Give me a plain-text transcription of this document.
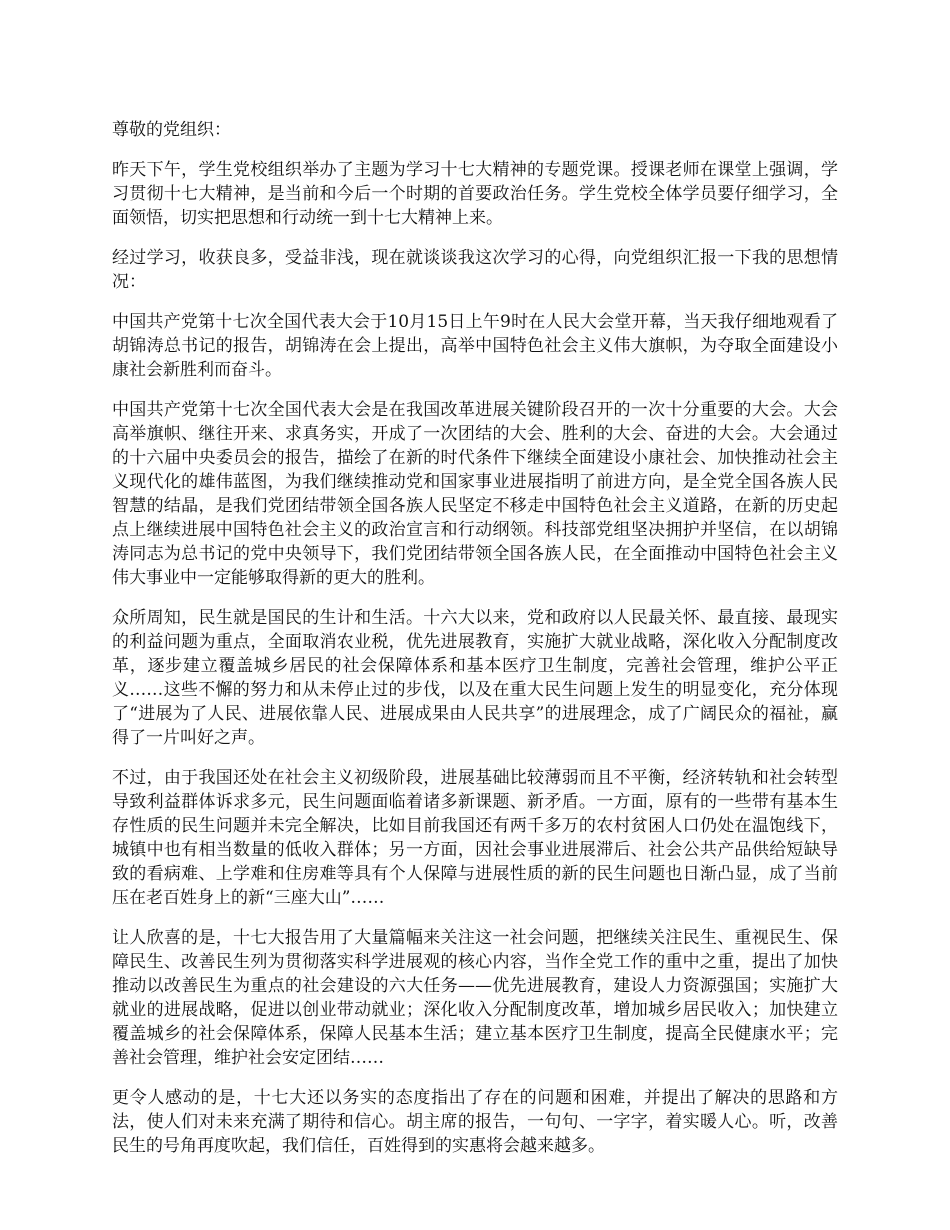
尊敬的党组织：

昨天下午，学生党校组织举办了主题为学习十七大精神的专题党课。授课老师在课堂上强调，学习贯彻十七大精神，是当前和今后一个时期的首要政治任务。学生党校全体学员要仔细学习，全面领悟，切实把思想和行动统一到十七大精神上来。

经过学习，收获良多，受益非浅，现在就谈谈我这次学习的心得，向党组织汇报一下我的思想情况：

中国共产党第十七次全国代表大会于10月15日上午9时在人民大会堂开幕，当天我仔细地观看了胡锦涛总书记的报告，胡锦涛在会上提出，高举中国特色社会主义伟大旗帜，为夺取全面建设小康社会新胜利而奋斗。

中国共产党第十七次全国代表大会是在我国改革进展关键阶段召开的一次十分重要的大会。大会高举旗帜、继往开来、求真务实，开成了一次团结的大会、胜利的大会、奋进的大会。大会通过的十六届中央委员会的报告，描绘了在新的时代条件下继续全面建设小康社会、加快推动社会主义现代化的雄伟蓝图，为我们继续推动党和国家事业进展指明了前进方向，是全党全国各族人民智慧的结晶，是我们党团结带领全国各族人民坚定不移走中国特色社会主义道路，在新的历史起点上继续进展中国特色社会主义的政治宣言和行动纲领。科技部党组坚决拥护并坚信，在以胡锦涛同志为总书记的党中央领导下，我们党团结带领全国各族人民，在全面推动中国特色社会主义伟大事业中一定能够取得新的更大的胜利。

众所周知，民生就是国民的生计和生活。十六大以来，党和政府以人民最关怀、最直接、最现实的利益问题为重点，全面取消农业税，优先进展教育，实施扩大就业战略，深化收入分配制度改革，逐步建立覆盖城乡居民的社会保障体系和基本医疗卫生制度，完善社会管理，维护公平正义……这些不懈的努力和从未停止过的步伐，以及在重大民生问题上发生的明显变化，充分体现了“进展为了人民、进展依靠人民、进展成果由人民共享”的进展理念，成了广阔民众的福祉，赢得了一片叫好之声。

不过，由于我国还处在社会主义初级阶段，进展基础比较薄弱而且不平衡，经济转轨和社会转型导致利益群体诉求多元，民生问题面临着诸多新课题、新矛盾。一方面，原有的一些带有基本生存性质的民生问题并未完全解决，比如目前我国还有两千多万的农村贫困人口仍处在温饱线下，城镇中也有相当数量的低收入群体；另一方面，因社会事业进展滞后、社会公共产品供给短缺导致的看病难、上学难和住房难等具有个人保障与进展性质的新的民生问题也日渐凸显，成了当前压在老百姓身上的新“三座大山”……

让人欣喜的是，十七大报告用了大量篇幅来关注这一社会问题，把继续关注民生、重视民生、保障民生、改善民生列为贯彻落实科学进展观的核心内容，当作全党工作的重中之重，提出了加快推动以改善民生为重点的社会建设的六大任务——优先进展教育，建设人力资源强国；实施扩大就业的进展战略，促进以创业带动就业；深化收入分配制度改革，增加城乡居民收入；加快建立覆盖城乡的社会保障体系，保障人民基本生活；建立基本医疗卫生制度，提高全民健康水平；完善社会管理，维护社会安定团结……

更令人感动的是，十七大还以务实的态度指出了存在的问题和困难，并提出了解决的思路和方法，使人们对未来充满了期待和信心。胡主席的报告，一句句、一字字，着实暖人心。听，改善民生的号角再度吹起，我们信任，百姓得到的实惠将会越来越多。
